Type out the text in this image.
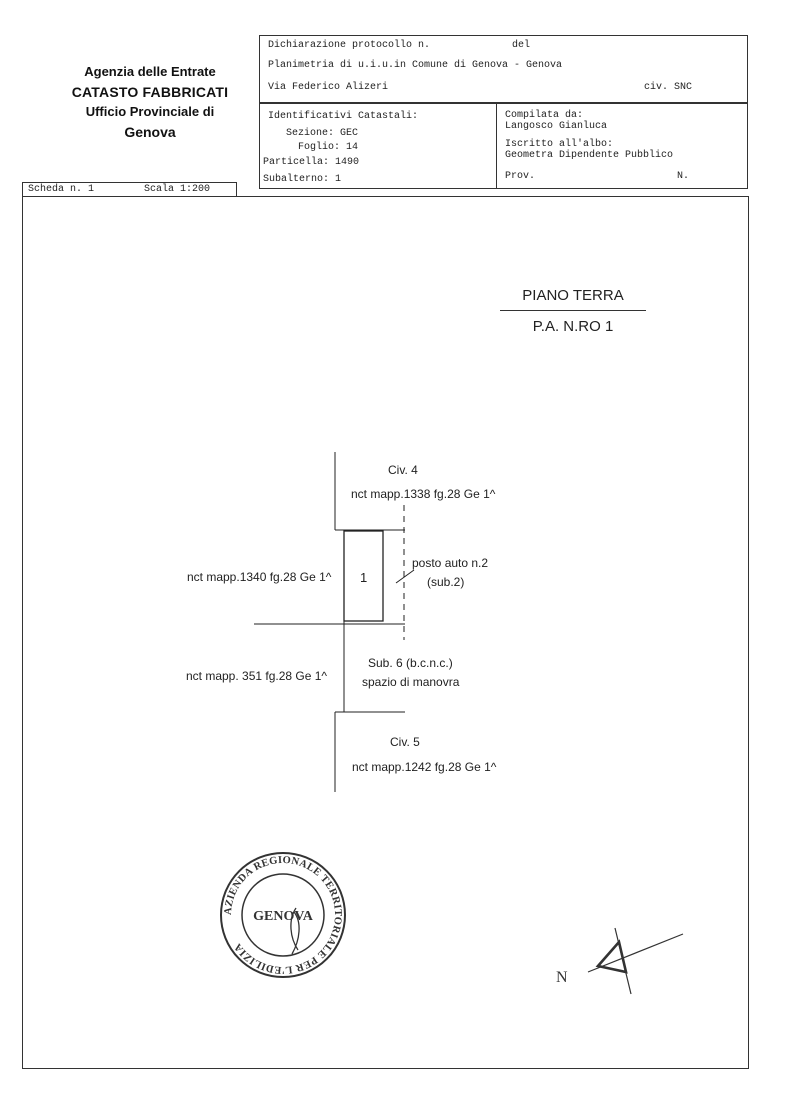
Agenzia delle Entrate
CATASTO FABBRICATI
Ufficio Provinciale di
Genova
Dichiarazione protocollo n.	del
Planimetria di u.i.u.in Comune di Genova - Genova
Via Federico Alizeri	civ. SNC
Identificativi Catastali:
Sezione: GEC
Foglio: 14
Particella: 1490
Subalterno: 1
Compilata da:
Langosco Gianluca
Iscritto all'albo:
Geometra Dipendente Pubblico
Prov.	N.
Scheda n. 1	Scala 1:200
PIANO TERRA
P.A. N.RO 1
Civ. 4
nct mapp.1338 fg.28 Ge 1^
nct mapp.1340 fg.28 Ge 1^ 1
posto auto n.2
(sub.2)
nct mapp. 351 fg.28 Ge 1^
Sub. 6 (b.c.n.c.)
spazio di manovra
Civ. 5
nct mapp.1242 fg.28 Ge 1^
AZIENDA REGIONALE TERRITORIALE PER L'EDILIZIA
GENOVA
N
